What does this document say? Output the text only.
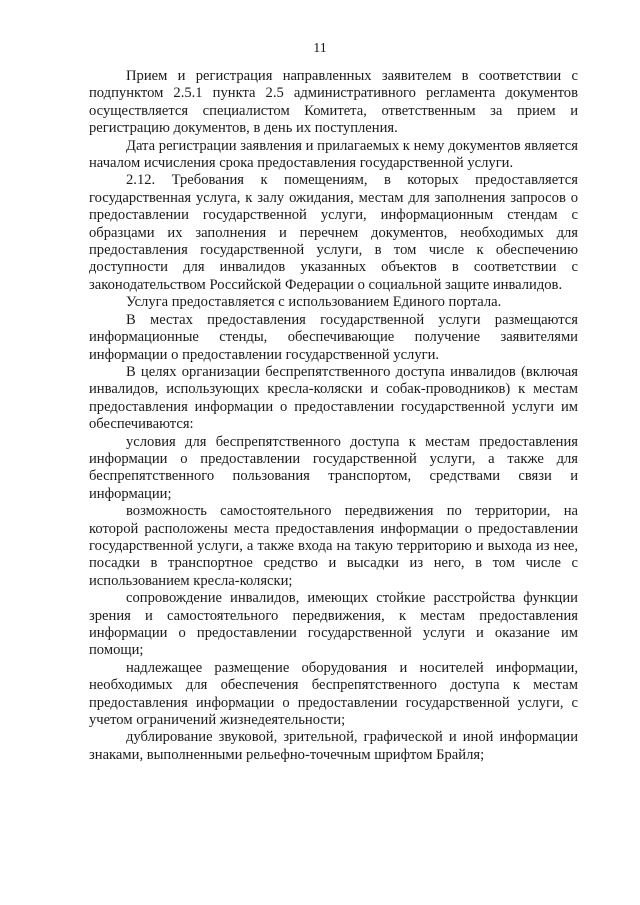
11

Прием и регистрация направленных заявителем в соответствии с подпунктом 2.5.1 пункта 2.5 административного регламента документов осуществляется специалистом Комитета, ответственным за прием и регистрацию документов, в день их поступления.

Дата регистрации заявления и прилагаемых к нему документов является началом исчисления срока предоставления государственной услуги.

2.12. Требования к помещениям, в которых предоставляется государственная услуга, к залу ожидания, местам для заполнения запросов о предоставлении государственной услуги, информационным стендам с образцами их заполнения и перечнем документов, необходимых для предоставления государственной услуги, в том числе к обеспечению доступности для инвалидов указанных объектов в соответствии с законодательством Российской Федерации о социальной защите инвалидов.

Услуга предоставляется с использованием Единого портала.

В местах предоставления государственной услуги размещаются информационные стенды, обеспечивающие получение заявителями информации о предоставлении государственной услуги.

В целях организации беспрепятственного доступа инвалидов (включая инвалидов, использующих кресла-коляски и собак-проводников) к местам предоставления информации о предоставлении государственной услуги им обеспечиваются:

условия для беспрепятственного доступа к местам предоставления информации о предоставлении государственной услуги, а также для беспрепятственного пользования транспортом, средствами связи и информации;

возможность самостоятельного передвижения по территории, на которой расположены места предоставления информации о предоставлении государственной услуги, а также входа на такую территорию и выхода из нее, посадки в транспортное средство и высадки из него, в том числе с использованием кресла-коляски;

сопровождение инвалидов, имеющих стойкие расстройства функции зрения и самостоятельного передвижения, к местам предоставления информации о предоставлении государственной услуги и оказание им помощи;

надлежащее размещение оборудования и носителей информации, необходимых для обеспечения беспрепятственного доступа к местам предоставления информации о предоставлении государственной услуги, с учетом ограничений жизнедеятельности;

дублирование звуковой, зрительной, графической и иной информации знаками, выполненными рельефно-точечным шрифтом Брайля;
